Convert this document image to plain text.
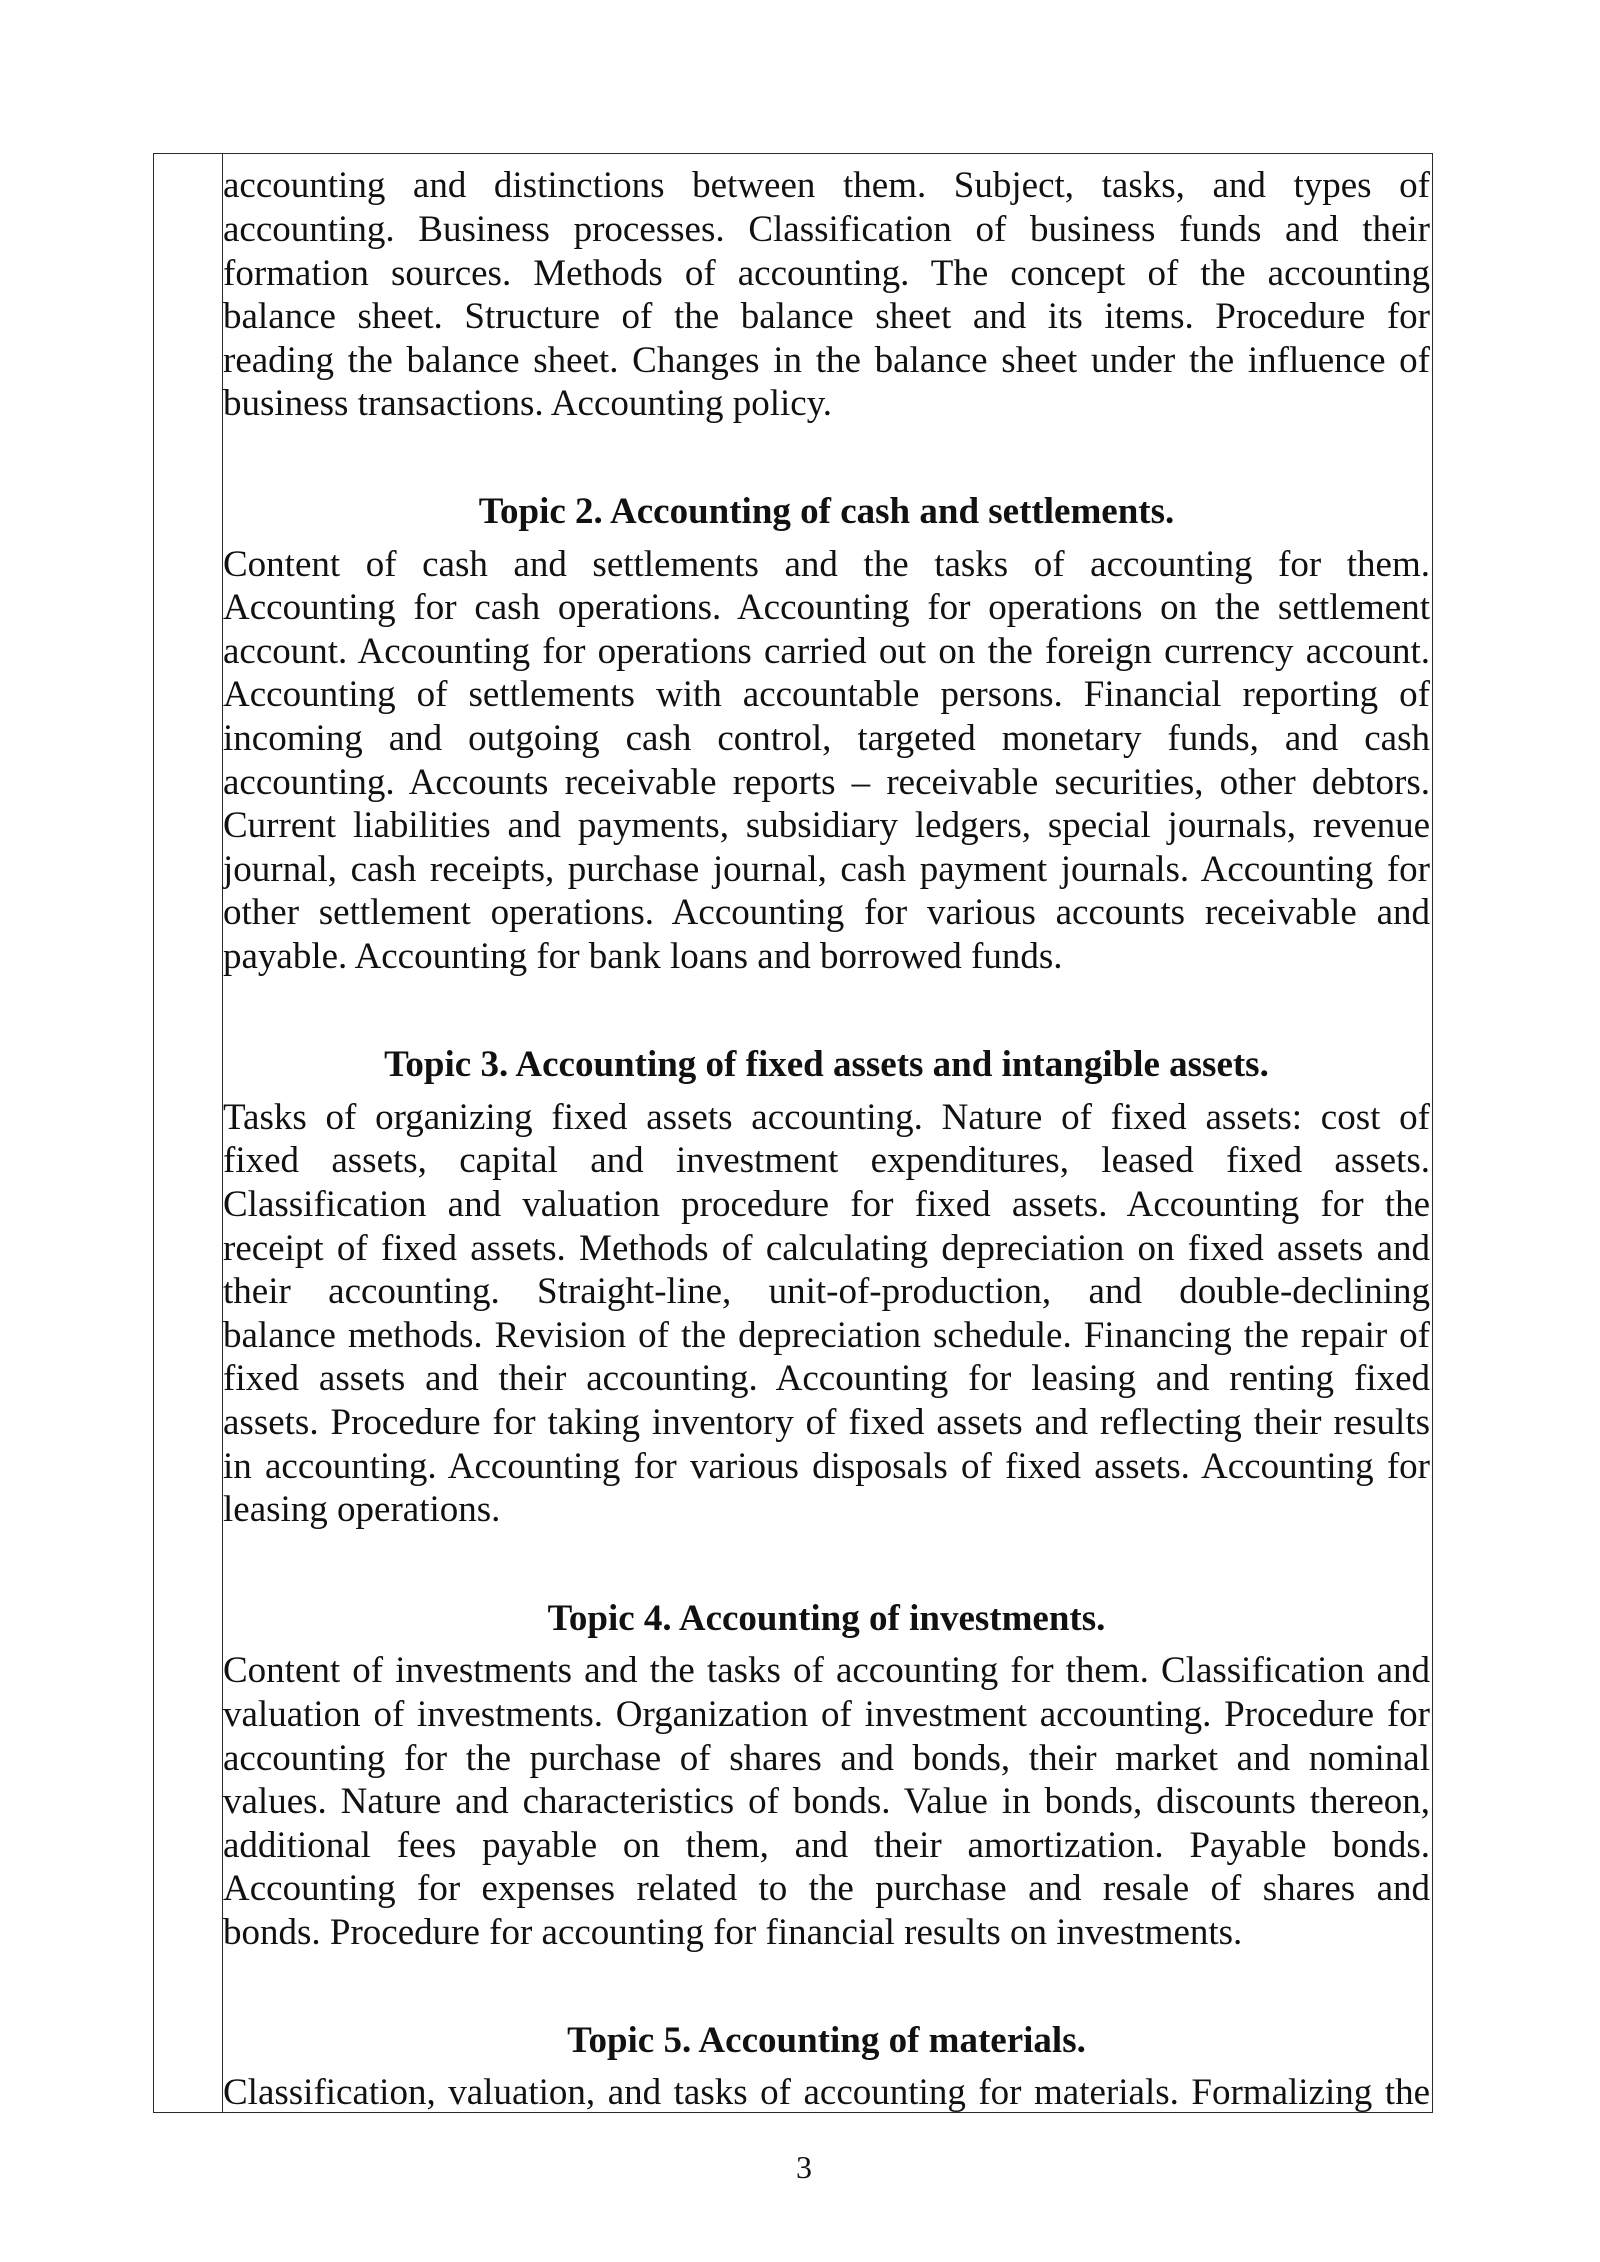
accounting and distinctions between them. Subject, tasks, and types of
accounting. Business processes. Classification of business funds and their
formation sources. Methods of accounting. The concept of the accounting
balance sheet. Structure of the balance sheet and its items. Procedure for
reading the balance sheet. Changes in the balance sheet under the influence of
business transactions. Accounting policy.
Topic 2. Accounting of cash and settlements.
Content of cash and settlements and the tasks of accounting for them.
Accounting for cash operations. Accounting for operations on the settlement
account. Accounting for operations carried out on the foreign currency account.
Accounting of settlements with accountable persons. Financial reporting of
incoming and outgoing cash control, targeted monetary funds, and cash
accounting. Accounts receivable reports – receivable securities, other debtors.
Current liabilities and payments, subsidiary ledgers, special journals, revenue
journal, cash receipts, purchase journal, cash payment journals. Accounting for
other settlement operations. Accounting for various accounts receivable and
payable. Accounting for bank loans and borrowed funds.
Topic 3. Accounting of fixed assets and intangible assets.
Tasks of organizing fixed assets accounting. Nature of fixed assets: cost of
fixed assets, capital and investment expenditures, leased fixed assets.
Classification and valuation procedure for fixed assets. Accounting for the
receipt of fixed assets. Methods of calculating depreciation on fixed assets and
their accounting. Straight-line, unit-of-production, and double-declining
balance methods. Revision of the depreciation schedule. Financing the repair of
fixed assets and their accounting. Accounting for leasing and renting fixed
assets. Procedure for taking inventory of fixed assets and reflecting their results
in accounting. Accounting for various disposals of fixed assets. Accounting for
leasing operations.
Topic 4. Accounting of investments.
Content of investments and the tasks of accounting for them. Classification and
valuation of investments. Organization of investment accounting. Procedure for
accounting for the purchase of shares and bonds, their market and nominal
values. Nature and characteristics of bonds. Value in bonds, discounts thereon,
additional fees payable on them, and their amortization. Payable bonds.
Accounting for expenses related to the purchase and resale of shares and
bonds. Procedure for accounting for financial results on investments.
Topic 5. Accounting of materials.
Classification, valuation, and tasks of accounting for materials. Formalizing the
3
